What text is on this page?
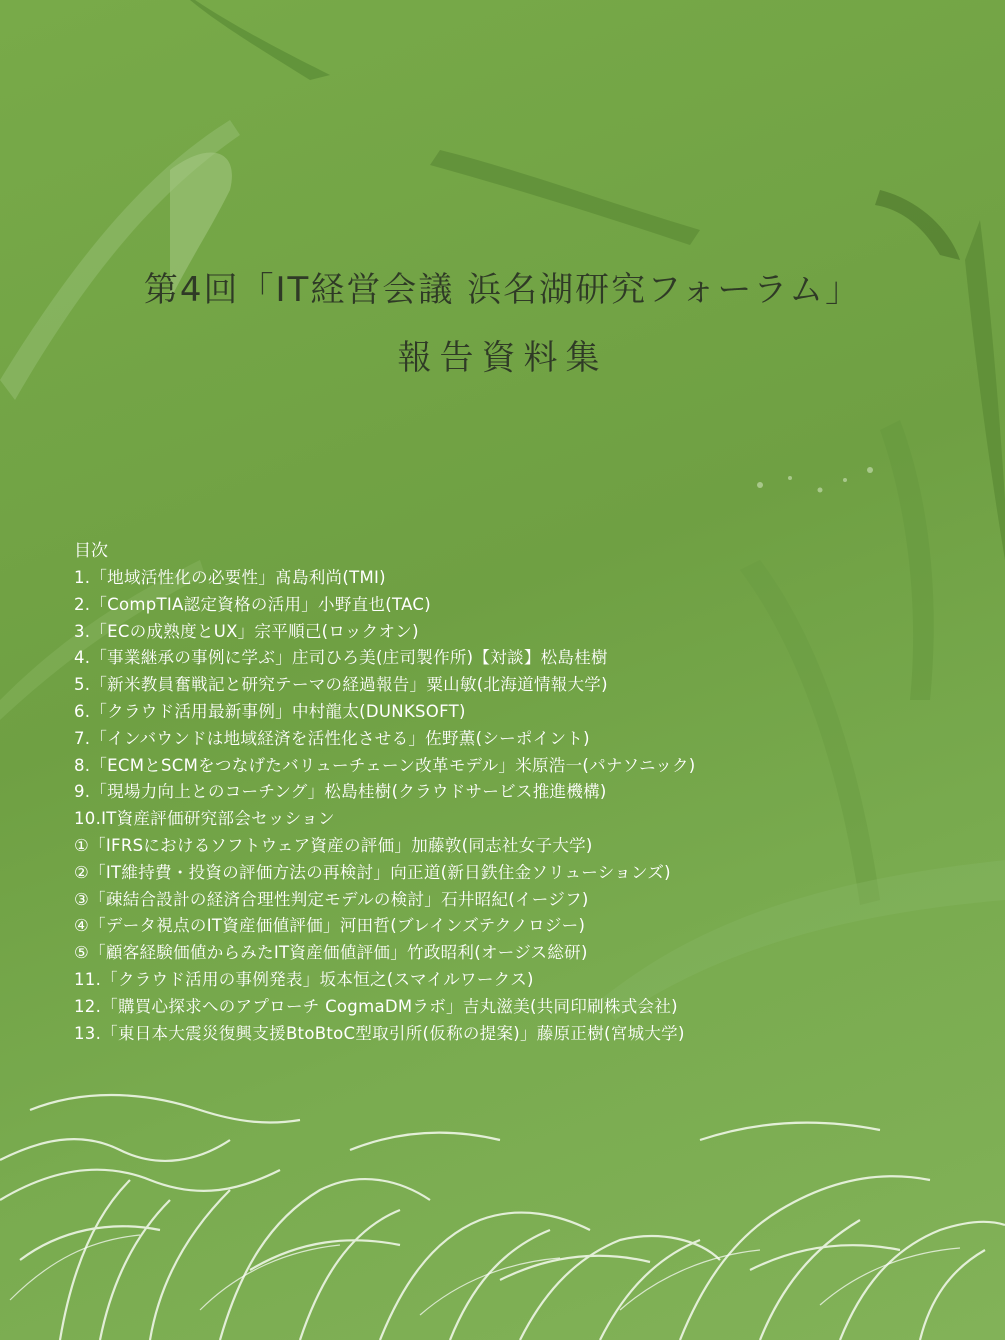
第4回「IT経営会議 浜名湖研究フォーラム」
報告資料集
目次
1.「地域活性化の必要性」髙島利尚(TMI)
2.「CompTIA認定資格の活用」小野直也(TAC)
3.「ECの成熟度とUX」宗平順己(ロックオン)
4.「事業継承の事例に学ぶ」庄司ひろ美(庄司製作所)【対談】松島桂樹
5.「新米教員奮戦記と研究テーマの経過報告」粟山敏(北海道情報大学)
6.「クラウド活用最新事例」中村龍太(DUNKSOFT)
7.「インバウンドは地域経済を活性化させる」佐野薫(シーポイント)
8.「ECMとSCMをつなげたバリューチェーン改革モデル」米原浩一(パナソニック)
9.「現場力向上とのコーチング」松島桂樹(クラウドサービス推進機構)
10.IT資産評価研究部会セッション
①「IFRSにおけるソフトウェア資産の評価」加藤敦(同志社女子大学)
②「IT維持費・投資の評価方法の再検討」向正道(新日鉄住金ソリューションズ)
③「疎結合設計の経済合理性判定モデルの検討」石井昭紀(イージフ)
④「データ視点のIT資産価値評価」河田哲(ブレインズテクノロジー)
⑤「顧客経験価値からみたIT資産価値評価」竹政昭利(オージス総研)
11.「クラウド活用の事例発表」坂本恒之(スマイルワークス)
12.「購買心探求へのアプローチ CogmaDMラボ」吉丸滋美(共同印刷株式会社)
13.「東日本大震災復興支援BtoBtoC型取引所(仮称の提案)」藤原正樹(宮城大学)
